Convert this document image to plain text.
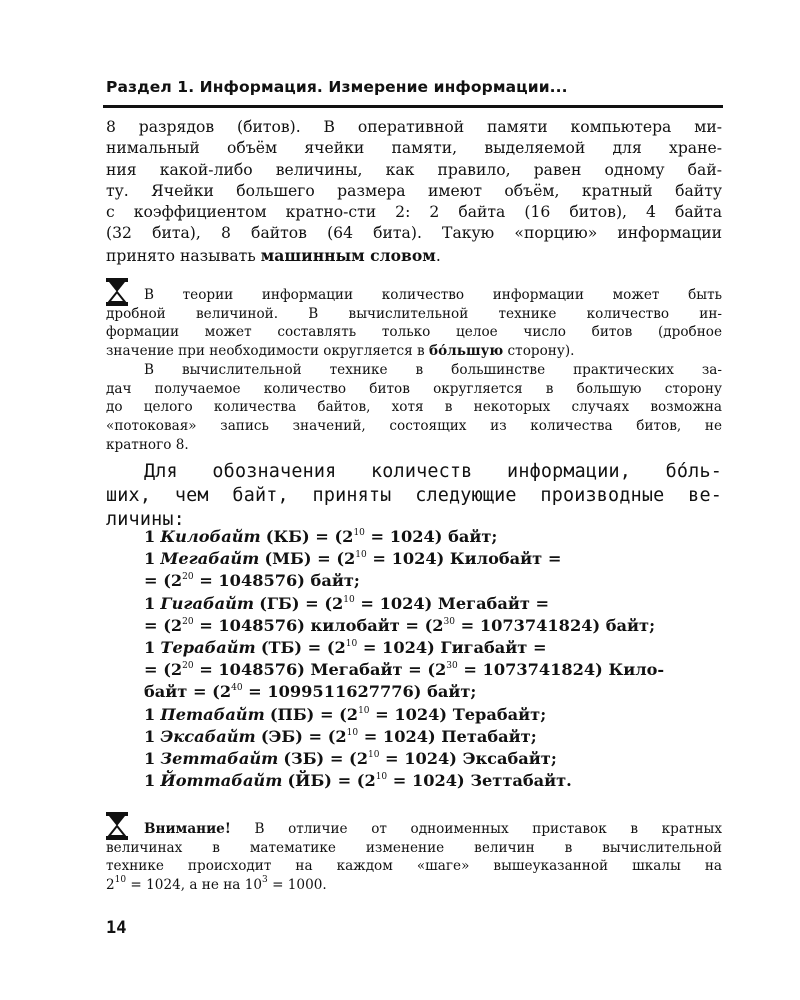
Раздел 1. Информация. Измерение информации...
8 разрядов (битов). В оперативной памяти компьютера ми-
нимальный объём ячейки памяти, выделяемой для хране-
ния какой-либо величины, как правило, равен одному бай-
ту. Ячейки большего размера имеют объём, кратный байту
с коэффициентом кратно-сти 2: 2 байта (16 битов), 4 байта
(32 бита), 8 байтов (64 бита). Такую «порцию» информации
принято называть машинным словом.
В теории информации количество информации может быть
дробной величиной. В вычислительной технике количество ин-
формации может составлять только целое число битов (дробное
значение при необходимости округляется в бо́льшую сторону).
В вычислительной технике в большинстве практических за-
дач получаемое количество битов округляется в большую сторону
до целого количества байтов, хотя в некоторых случаях возможна
«потоковая» запись значений, состоящих из количества битов, не
кратного 8.
Для обозначения количеств информации, бо́ль-
ших, чем байт, приняты следующие производные ве-
личины:
1 Килобайт $(КБ) = (2^{10} = 1024)$ байт;
1 Мегабайт $(МБ) = (2^{10} = 1024)$ Килобайт =
= $(2^{20} = 1048576)$ байт;
1 Гигабайт $(ГБ) = (2^{10} = 1024)$ Мегабайт =
= $(2^{20} = 1048576)$ килобайт = $(2^{30} = 1073741824)$ байт;
1 Терабайт $(ТБ) = (2^{10} = 1024)$ Гигабайт =
= $(2^{20} = 1048576)$ Мегабайт = $(2^{30} = 1073741824)$ Кило-
байт = $(2^{40} = 1099511627776)$ байт;
1 Петабайт $(ПБ) = (2^{10} = 1024)$ Терабайт;
1 Эксабайт $(ЭБ) = (2^{10} = 1024)$ Петабайт;
1 Зеттабайт $(ЗБ) = (2^{10} = 1024)$ Эксабайт;
1 Йоттабайт $(ЙБ) = (2^{10} = 1024)$ Зеттабайт.
Внимание! В отличие от одноименных приставок в кратных
величинах в математике изменение величин в вычислительной
технике происходит на каждом «шаге» вышеуказанной шкалы на
$2^{10} = 1024$, а не на $10^3 = 1000$.
14
